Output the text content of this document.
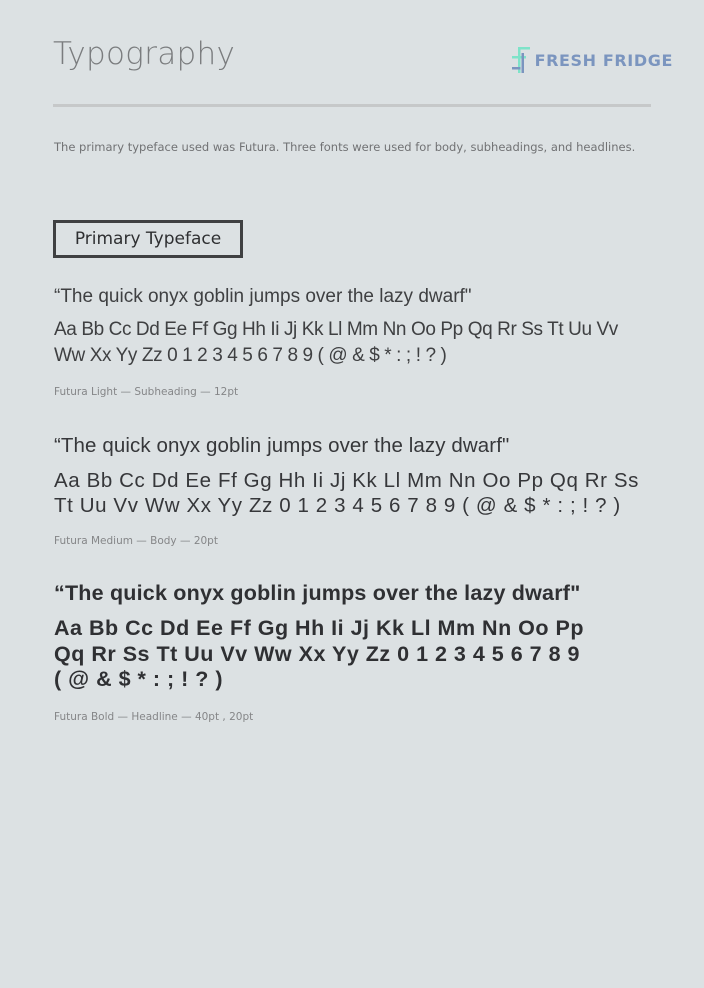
Typography	FRESH FRIDGE

The primary typeface used was Futura. Three fonts were used for body, subheadings, and headlines.

Primary Typeface

“The quick onyx goblin jumps over the lazy dwarf"

Aa Bb Cc Dd Ee Ff Gg Hh Ii Jj Kk Ll Mm Nn Oo Pp Qq Rr Ss Tt Uu Vv
Ww Xx Yy Zz 0 1 2 3 4 5 6 7 8 9 ( @ & $ * : ; ! ? )

Futura Light — Subheading — 12pt

“The quick onyx goblin jumps over the lazy dwarf"

Aa Bb Cc Dd Ee Ff Gg Hh Ii Jj Kk Ll Mm Nn Oo Pp Qq Rr Ss
Tt Uu Vv Ww Xx Yy Zz 0 1 2 3 4 5 6 7 8 9 ( @ & $ * : ; ! ? )

Futura Medium — Body — 20pt

“The quick onyx goblin jumps over the lazy dwarf"

Aa Bb Cc Dd Ee Ff Gg Hh Ii Jj Kk Ll Mm Nn Oo Pp
Qq Rr Ss Tt Uu Vv Ww Xx Yy Zz 0 1 2 3 4 5 6 7 8 9
( @ & $ * : ; ! ? )

Futura Bold — Headline — 40pt , 20pt
